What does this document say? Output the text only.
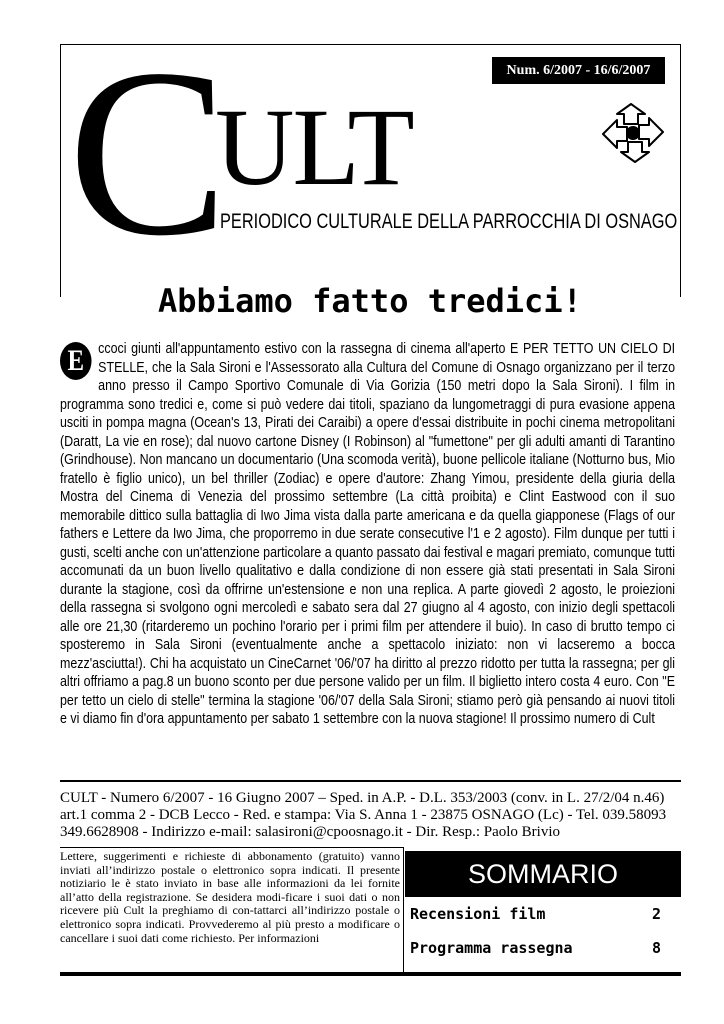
C
ULT
PERIODICO CULTURALE DELLA PARROCCHIA DI OSNAGO
Num. 6/2007 - 16/6/2007
Abbiamo fatto tredici!
E ccoci giunti all'appuntamento estivo con la rassegna di cinema all'aperto E PER TETTO UN CIELO DI STELLE, che la Sala Sironi e l'Assessorato alla Cultura del Comune di Osnago organizzano per il terzo anno presso il Campo Sportivo Comunale di Via Gorizia (150 metri dopo la Sala Sironi). I film in programma sono tredici e, come si può vedere dai titoli, spaziano da lungometraggi di pura evasione appena usciti in pompa magna (Ocean's 13, Pirati dei Caraibi) a opere d'essai distribuite in pochi cinema metropolitani (Daratt, La vie en rose); dal nuovo cartone Disney (I Robinson) al "fumettone" per gli adulti amanti di Tarantino (Grindhouse). Non mancano un documentario (Una scomoda verità), buone pellicole italiane (Notturno bus, Mio fratello è figlio unico), un bel thriller (Zodiac) e opere d'autore: Zhang Yimou, presidente della giuria della Mostra del Cinema di Venezia del prossimo settembre (La città proibita) e Clint Eastwood con il suo memorabile dittico sulla battaglia di Iwo Jima vista dalla parte americana e da quella giapponese (Flags of our fathers e Lettere da Iwo Jima, che proporremo in due serate consecutive l'1 e 2 agosto). Film dunque per tutti i gusti, scelti anche con un'attenzione particolare a quanto passato dai festival e magari premiato, comunque tutti accomunati da un buon livello qualitativo e dalla condizione di non essere già stati presentati in Sala Sironi durante la stagione, così da offrirne un'estensione e non una replica. A parte giovedì 2 agosto, le proiezioni della rassegna si svolgono ogni mercoledì e sabato sera dal 27 giugno al 4 agosto, con inizio degli spettacoli alle ore 21,30 (ritarderemo un pochino l'orario per i primi film per attendere il buio). In caso di brutto tempo ci sposteremo in Sala Sironi (eventualmente anche a spettacolo iniziato: non vi lacseremo a bocca mezz'asciutta!). Chi ha acquistato un CineCarnet '06/'07 ha diritto al prezzo ridotto per tutta la rassegna; per gli altri offriamo a pag.8 un buono sconto per due persone valido per un film. Il biglietto intero costa 4 euro. Con "E per tetto un cielo di stelle" termina la stagione '06/'07 della Sala Sironi; stiamo però già pensando ai nuovi titoli e vi diamo fin d'ora appuntamento per sabato 1 settembre con la nuova stagione! Il prossimo numero di Cult
CULT - Numero 6/2007 - 16 Giugno 2007 – Sped. in A.P. - D.L. 353/2003 (conv. in L. 27/2/04 n.46) art.1 comma 2 - DCB Lecco - Red. e stampa: Via S. Anna 1 - 23875 OSNAGO (Lc) - Tel. 039.58093 349.6628908 - Indirizzo e-mail: salasironi@cpoosnago.it - Dir. Resp.: Paolo Brivio
Lettere, suggerimenti e richieste di abbonamento (gratuito) vanno inviati all’indirizzo postale o elettronico sopra indicati. Il presente notiziario le è stato inviato in base alle informazioni da lei fornite all’atto della registrazione. Se desidera modi-ficare i suoi dati o non ricevere più Cult la preghiamo di con-tattarci all’indirizzo postale o elettronico sopra indicati. Provvederemo al più presto a modificare o cancellare i suoi dati come richiesto. Per informazioni
SOMMARIO
Recensioni film	2
Programma rassegna	8
